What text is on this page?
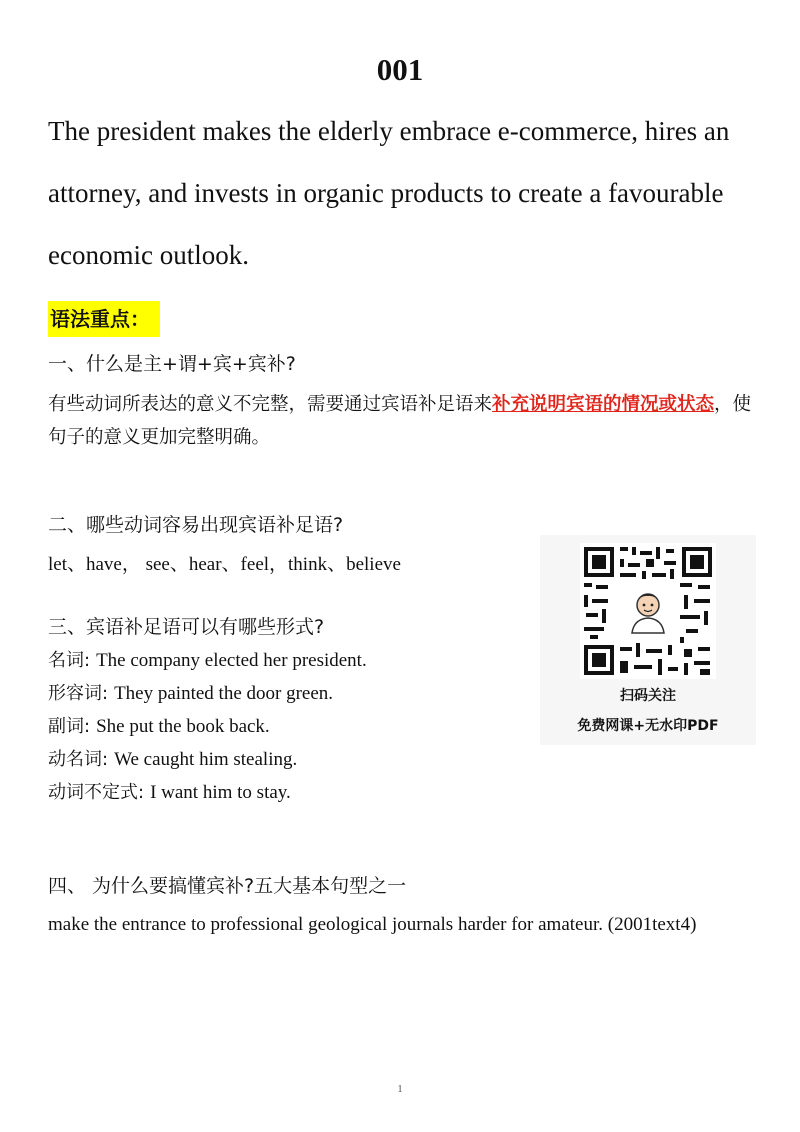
001
The president makes the elderly embrace e-commerce, hires an attorney, and invests in organic products to create a favourable economic outlook.
语法重点：
一、什么是主+谓+宾+宾补?
有些动词所表达的意义不完整，需要通过宾语补足语来补充说明宾语的情况或状态，使句子的意义更加完整明确。
二、哪些动词容易出现宾语补足语?
let、have， see、hear、feel，think、believe
三、宾语补足语可以有哪些形式?
名词: The company elected her president.
形容词: They painted the door green.
副词: She put the book back.
动名词: We caught him stealing.
动词不定式: I want him to stay.
四、 为什么要搞懂宾补?五大基本句型之一
make the entrance to professional geological journals harder for amateur. (2001text4)
扫码关注
免费网课+无水印PDF
1
